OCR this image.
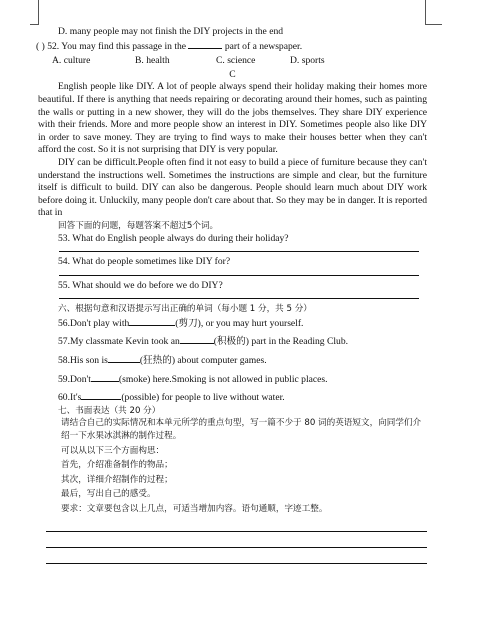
D. many people may not finish the DIY projects in the end
( ) 52. You may find this passage in the	part of a newspaper.
A. culture	B. health	C. science	D. sports
C
English people like DIY. A lot of people always spend their holiday making their homes more beautiful. If there is anything that needs repairing or decorating around their homes, such as painting the walls or putting in a new shower, they will do the jobs themselves. They share DIY experience with their friends. More and more people show an interest in DIY. Sometimes people also like DIY in order to save money. They are trying to find ways to make their houses better when they can't afford the cost. So it is not surprising that DIY is very popular.
DIY can be difficult.People often find it not easy to build a piece of furniture because they can't understand the instructions well. Sometimes the instructions are simple and clear, but the furniture itself is difficult to build. DIY can also be dangerous. People should learn much about DIY work before doing it. Unluckily, many people don't care about that. So they may be in danger. It is reported that in
回答下面的问题，每题答案不超过5个词。
53. What do English people always do during their holiday?
54. What do people sometimes like DIY for?
55. What should we do before we do DIY?
六、根据句意和汉语提示写出正确的单词（每小题 1 分，共 5 分）
56.Don't play with	(剪刀), or you may hurt yourself.
57.My classmate Kevin took an	(积极的) part in the Reading Club.
58.His son is	(狂热的) about computer games.
59.Don't	(smoke) here.Smoking is not allowed in public places.
60.It's	(possible) for people to live without water.
七、书面表达（共 20 分）
请结合自己的实际情况和本单元所学的重点句型，写一篇不少于 80 词的英语短文，向同学们介绍一下水果冰淇淋的制作过程。
可以从以下三个方面构思：
首先，介绍准备制作的物品；
其次，详细介绍制作的过程；
最后，写出自己的感受。
要求：文章要包含以上几点，可适当增加内容。语句通顺，字迹工整。
